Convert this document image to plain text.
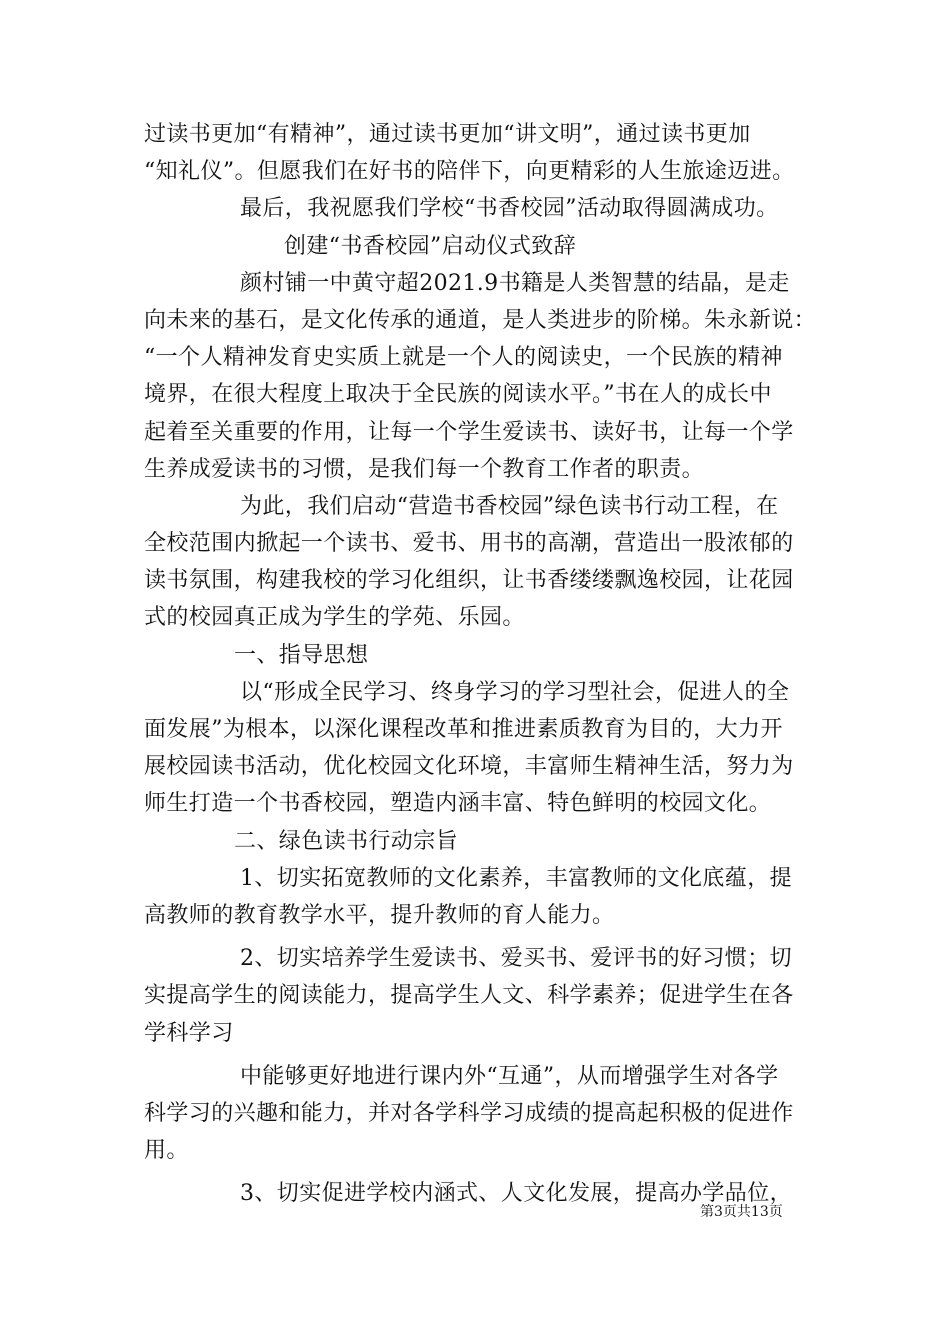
过读书更加“有精神”，通过读书更加“讲文明”，通过读书更加
“知礼仪”。但愿我们在好书的陪伴下，向更精彩的人生旅途迈进。
最后，我祝愿我们学校“书香校园”活动取得圆满成功。
创建“书香校园”启动仪式致辞
颜村铺一中黄守超2021.9书籍是人类智慧的结晶，是走
向未来的基石，是文化传承的通道，是人类进步的阶梯。朱永新说：
“一个人精神发育史实质上就是一个人的阅读史，一个民族的精神
境界，在很大程度上取决于全民族的阅读水平。”书在人的成长中
起着至关重要的作用，让每一个学生爱读书、读好书，让每一个学
生养成爱读书的习惯，是我们每一个教育工作者的职责。
为此，我们启动“营造书香校园”绿色读书行动工程，在
全校范围内掀起一个读书、爱书、用书的高潮，营造出一股浓郁的
读书氛围，构建我校的学习化组织，让书香缕缕飘逸校园，让花园
式的校园真正成为学生的学苑、乐园。
一、指导思想
以“形成全民学习、终身学习的学习型社会，促进人的全
面发展”为根本，以深化课程改革和推进素质教育为目的，大力开
展校园读书活动，优化校园文化环境，丰富师生精神生活，努力为
师生打造一个书香校园，塑造内涵丰富、特色鲜明的校园文化。
二、绿色读书行动宗旨
1、切实拓宽教师的文化素养，丰富教师的文化底蕴，提
高教师的教育教学水平，提升教师的育人能力。
2、切实培养学生爱读书、爱买书、爱评书的好习惯；切
实提高学生的阅读能力，提高学生人文、科学素养；促进学生在各
学科学习
中能够更好地进行课内外“互通”，从而增强学生对各学
科学习的兴趣和能力，并对各学科学习成绩的提高起积极的促进作
用。
3、切实促进学校内涵式、人文化发展，提高办学品位，
第3页共13页
